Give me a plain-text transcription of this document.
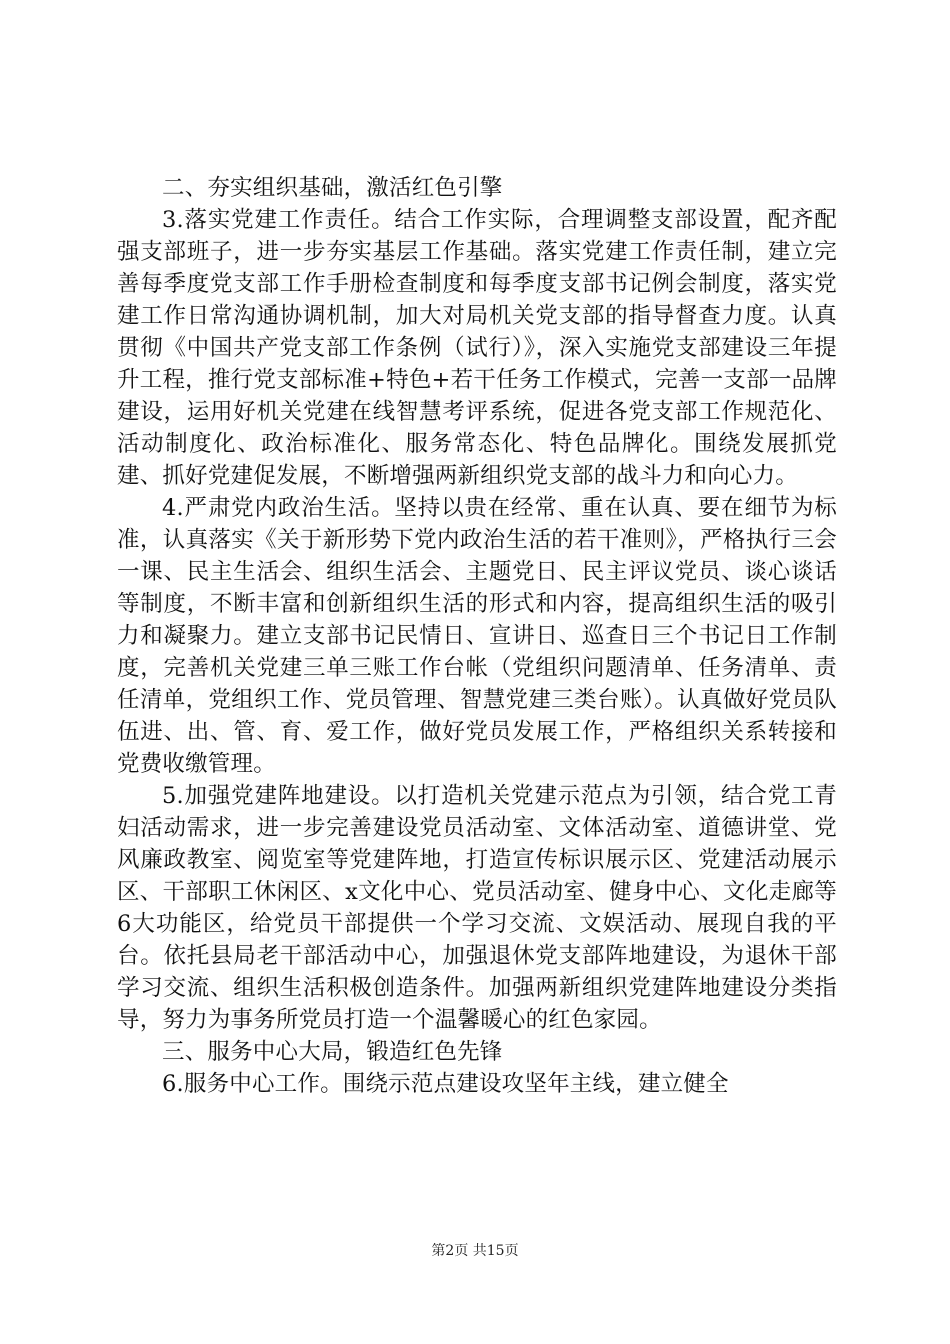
二、夯实组织基础，激活红色引擎

3.落实党建工作责任。结合工作实际，合理调整支部设置，配齐配强支部班子，进一步夯实基层工作基础。落实党建工作责任制，建立完善每季度党支部工作手册检查制度和每季度支部书记例会制度，落实党建工作日常沟通协调机制，加大对局机关党支部的指导督查力度。认真贯彻《中国共产党支部工作条例（试行）》，深入实施党支部建设三年提升工程，推行党支部标准+特色+若干任务工作模式，完善一支部一品牌建设，运用好机关党建在线智慧考评系统，促进各党支部工作规范化、活动制度化、政治标准化、服务常态化、特色品牌化。围绕发展抓党建、抓好党建促发展，不断增强两新组织党支部的战斗力和向心力。

4.严肃党内政治生活。坚持以贵在经常、重在认真、要在细节为标准，认真落实《关于新形势下党内政治生活的若干准则》，严格执行三会一课、民主生活会、组织生活会、主题党日、民主评议党员、谈心谈话等制度，不断丰富和创新组织生活的形式和内容，提高组织生活的吸引力和凝聚力。建立支部书记民情日、宣讲日、巡查日三个书记日工作制度，完善机关党建三单三账工作台帐（党组织问题清单、任务清单、责任清单，党组织工作、党员管理、智慧党建三类台账）。认真做好党员队伍进、出、管、育、爱工作，做好党员发展工作，严格组织关系转接和党费收缴管理。

5.加强党建阵地建设。以打造机关党建示范点为引领，结合党工青妇活动需求，进一步完善建设党员活动室、文体活动室、道德讲堂、党风廉政教室、阅览室等党建阵地，打造宣传标识展示区、党建活动展示区、干部职工休闲区、x文化中心、党员活动室、健身中心、文化走廊等6大功能区，给党员干部提供一个学习交流、文娱活动、展现自我的平台。依托县局老干部活动中心，加强退休党支部阵地建设，为退休干部学习交流、组织生活积极创造条件。加强两新组织党建阵地建设分类指导，努力为事务所党员打造一个温馨暖心的红色家园。

三、服务中心大局，锻造红色先锋

6.服务中心工作。围绕示范点建设攻坚年主线，建立健全

第2页 共15页
